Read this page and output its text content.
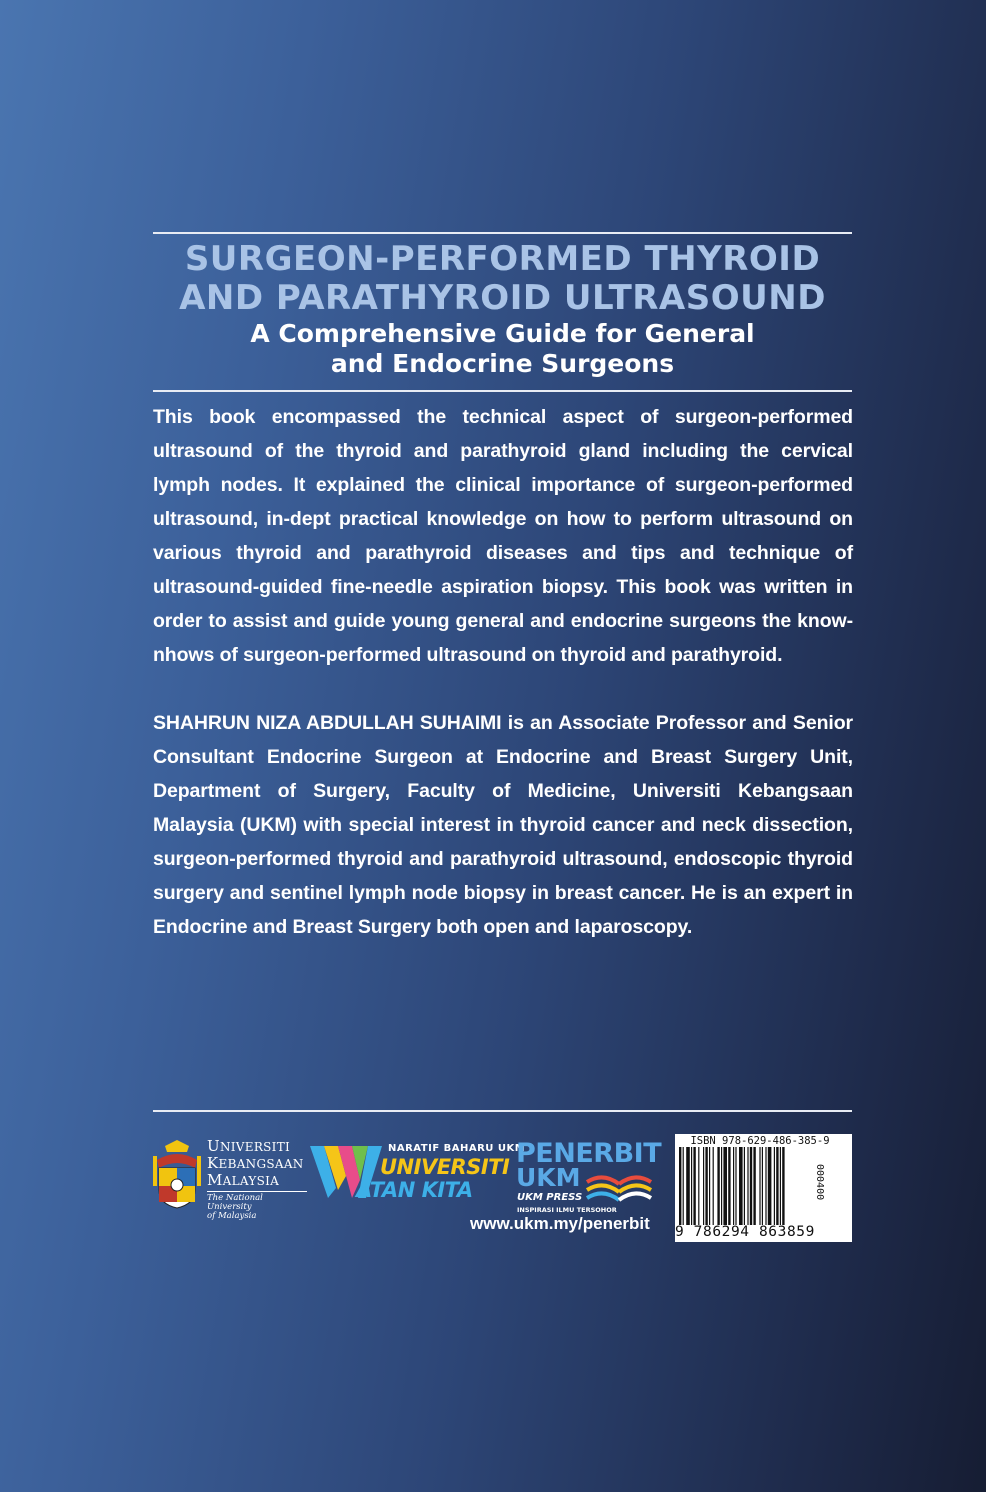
SURGEON-PERFORMED THYROID
AND PARATHYROID ULTRASOUND
A Comprehensive Guide for General
and Endocrine Surgeons

This book encompassed the technical aspect of surgeon-performed ultrasound of the thyroid and parathyroid gland including the cervical lymph nodes. It explained the clinical importance of surgeon-performed ultrasound, in-dept practical knowledge on how to perform ultrasound on various thyroid and parathyroid diseases and tips and technique of ultrasound-guided fine-needle aspiration biopsy. This book was written in order to assist and guide young general and endocrine surgeons the know-nhows of surgeon-performed ultrasound on thyroid and parathyroid.

SHAHRUN NIZA ABDULLAH SUHAIMI is an Associate Professor and Senior Consultant Endocrine Surgeon at Endocrine and Breast Surgery Unit, Department of Surgery, Faculty of Medicine, Universiti Kebangsaan Malaysia (UKM) with special interest in thyroid cancer and neck dissection, surgeon-performed thyroid and parathyroid ultrasound, endoscopic thyroid surgery and sentinel lymph node biopsy in breast cancer. He is an expert in Endocrine and Breast Surgery both open and laparoscopy.

UNIVERSITI
KEBANGSAAN
MALAYSIA
The National University
of Malaysia
NARATIF BAHARU UKM
UNIVERSITI
ATAN KITA
PENERBIT
UKM
UKM PRESS
INSPIRASI ILMU TERSOHOR
www.ukm.my/penerbit
ISBN 978-629-486-385-9
9 786294 863859
000400
